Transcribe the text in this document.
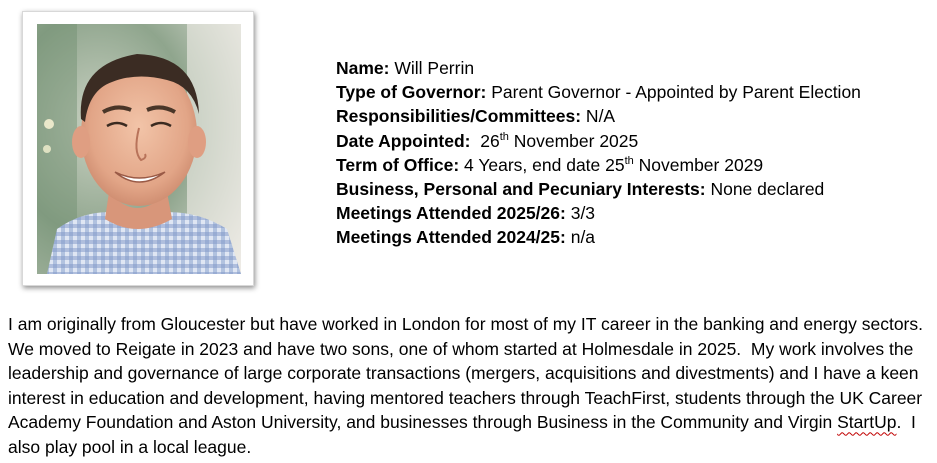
Name: Will Perrin
Type of Governor: Parent Governor - Appointed by Parent Election
Responsibilities/Committees: N/A
Date Appointed:  26th November 2025
Term of Office: 4 Years, end date 25th November 2029
Business, Personal and Pecuniary Interests: None declared
Meetings Attended 2025/26: 3/3
Meetings Attended 2024/25: n/a
I am originally from Gloucester but have worked in London for most of my IT career in the banking and energy sectors.  We moved to Reigate in 2023 and have two sons, one of whom started at Holmesdale in 2025.  My work involves the leadership and governance of large corporate transactions (mergers, acquisitions and divestments) and I have a keen interest in education and development, having mentored teachers through TeachFirst, students through the UK Career Academy Foundation and Aston University, and businesses through Business in the Community and Virgin StartUp.  I also play pool in a local league.
